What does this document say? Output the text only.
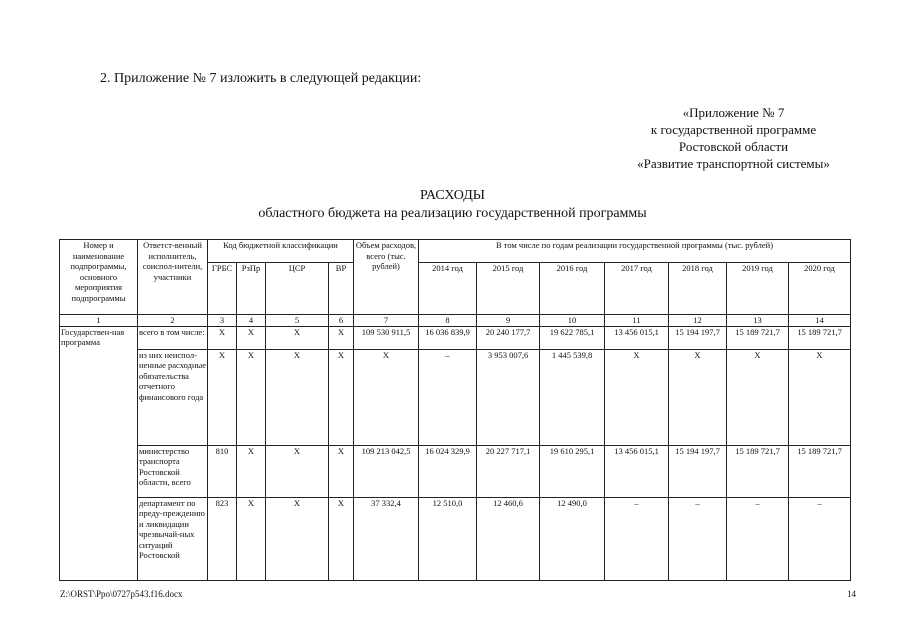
2. Приложение № 7 изложить в следующей редакции:
«Приложение № 7
к государственной программе
Ростовской области
«Развитие транспортной системы»
РАСХОДЫ
областного бюджета на реализацию государственной программы
Номер и наименование подпрограммы, основного мероприятия подпрограммы	Ответст-венный исполнитель, соиспол-нители, участники	Код бюджетной классификации				Объем расходов, всего (тыс. рублей)	В том числе по годам реализации государственной программы (тыс. рублей)						
		ГРБС	РзПр	ЦСР	ВР		2014 год	2015 год	2016 год	2017 год	2018 год	2019 год	2020 год
1	2	3	4	5	6	7	8	9	10	11	12	13	14
Государствен-ная программа	всего в том числе:	X	X	X	X	109 530 911,5	16 036 839,9	20 240 177,7	19 622 785,1	13 456 015,1	15 194 197,7	15 189 721,7	15 189 721,7
	из них неиспол-ненные расходные обязательства отчетного финансового года	X	X	X	X	X	–	3 953 007,6	1 445 539,8	X	X	X	X
	министерство транспорта Ростовской области, всего	810	X	X	X	109 213 042,5	16 024 329,9	20 227 717,1	19 610 295,1	13 456 015,1	15 194 197,7	15 189 721,7	15 189 721,7
	департамент по преду-преждению и ликвидации чрезвычай-ных ситуаций Ростовской	823	X	X	X	37 332,4	12 510,0	12 460,6	12 490,0	–	–	–	–
Z:\ORST\Ppo\0727p543.f16.docx	14
